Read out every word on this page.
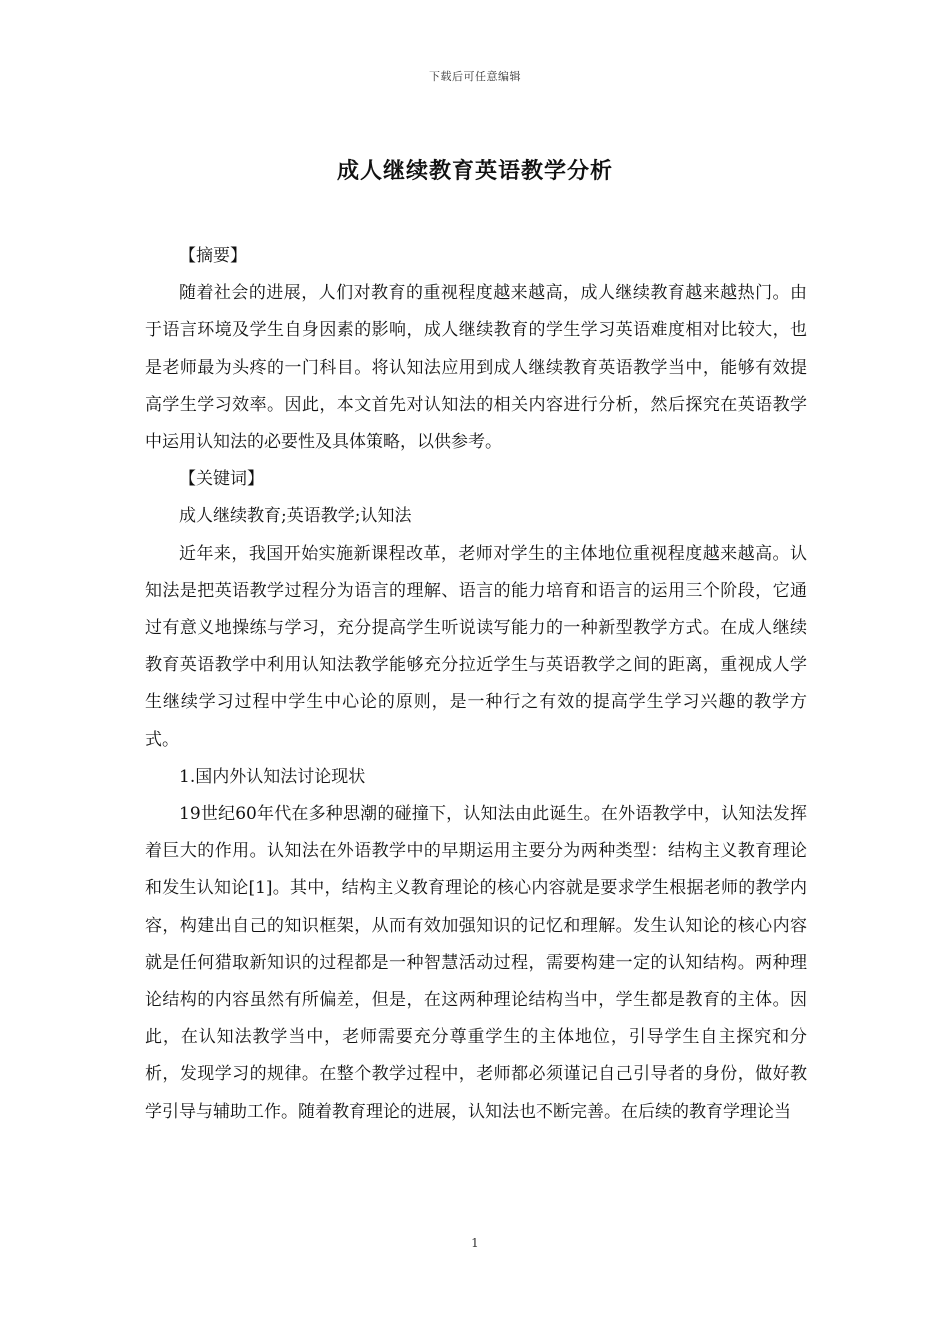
下载后可任意编辑
成人继续教育英语教学分析

【摘要】

随着社会的进展，人们对教育的重视程度越来越高，成人继续教育越来越热门。由于语言环境及学生自身因素的影响，成人继续教育的学生学习英语难度相对比较大，也是老师最为头疼的一门科目。将认知法应用到成人继续教育英语教学当中，能够有效提高学生学习效率。因此，本文首先对认知法的相关内容进行分析，然后探究在英语教学中运用认知法的必要性及具体策略，以供参考。

【关键词】

成人继续教育;英语教学;认知法

近年来，我国开始实施新课程改革，老师对学生的主体地位重视程度越来越高。认知法是把英语教学过程分为语言的理解、语言的能力培育和语言的运用三个阶段，它通过有意义地操练与学习，充分提高学生听说读写能力的一种新型教学方式。在成人继续教育英语教学中利用认知法教学能够充分拉近学生与英语教学之间的距离，重视成人学生继续学习过程中学生中心论的原则，是一种行之有效的提高学生学习兴趣的教学方式。

1.国内外认知法讨论现状

19世纪60年代在多种思潮的碰撞下，认知法由此诞生。在外语教学中，认知法发挥着巨大的作用。认知法在外语教学中的早期运用主要分为两种类型：结构主义教育理论和发生认知论[1]。其中，结构主义教育理论的核心内容就是要求学生根据老师的教学内容，构建出自己的知识框架，从而有效加强知识的记忆和理解。发生认知论的核心内容就是任何猎取新知识的过程都是一种智慧活动过程，需要构建一定的认知结构。两种理论结构的内容虽然有所偏差，但是，在这两种理论结构当中，学生都是教育的主体。因此，在认知法教学当中，老师需要充分尊重学生的主体地位，引导学生自主探究和分析，发现学习的规律。在整个教学过程中，老师都必须谨记自己引导者的身份，做好教学引导与辅助工作。随着教育理论的进展，认知法也不断完善。在后续的教育学理论当

1
